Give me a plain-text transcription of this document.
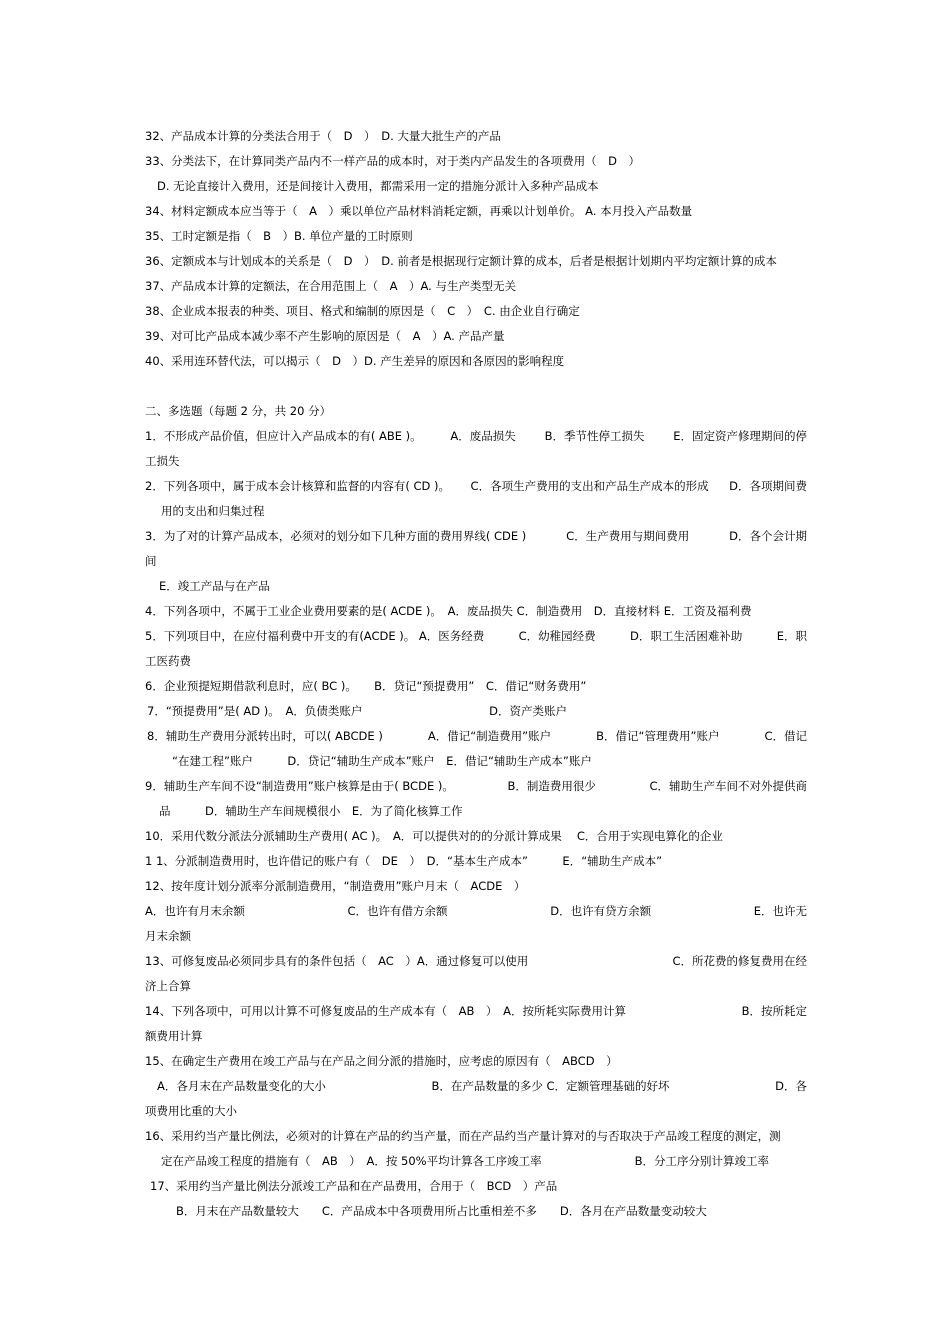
32、产品成本计算的分类法合用于（　D　）　D. 大量大批生产的产品
33、分类法下，在计算同类产品内不一样产品的成本时，对于类内产品发生的各项费用（　D　）
D. 无论直接计入费用，还是间接计入费用，都需采用一定的措施分派计入多种产品成本
34、材料定额成本应当等于（　A　）乘以单位产品材料消耗定额，再乘以计划单价。 A. 本月投入产品数量
35、工时定额是指（　B　）B. 单位产量的工时原则
36、定额成本与计划成本的关系是（　D　）　D. 前者是根据现行定额计算的成本，后者是根据计划期内平均定额计算的成本
37、产品成本计算的定额法，在合用范围上（　A　）A. 与生产类型无关
38、企业成本报表的种类、项目、格式和编制的原因是（　C　）　C. 由企业自行确定
39、对可比产品成本减少率不产生影响的原因是（　A　）A. 产品产量
40、采用连环替代法，可以揭示（　D　）D. 产生差异的原因和各原因的影响程度
二、多选题（每题 2 分，共 20 分）
1．不形成产品价值，但应计入产品成本的有( ABE )。	A．废品损失	B．季节性停工损失	E．固定资产修理期间的停
工损失
2．下列各项中，属于成本会计核算和监督的内容有( CD )。 C．各项生产费用的支出和产品生产成本的形成 D．各项期间费
用的支出和归集过程
3．为了对的计算产品成本，必须对的划分如下几种方面的费用界线( CDE )	C．生产费用与期间费用	D．各个会计期
间
E．竣工产品与在产品
4．下列各项中，不属于工业企业费用要素的是( ACDE )。　A．废品损失 C．制造费用　D．直接材料 E．工资及福利费
5．下列项目中，在应付福利费中开支的有(ACDE )。 A．医务经费	C．幼稚园经费	D．职工生活困难补助	E．职
工医药费
6．企业预提短期借款利息时，应( BC )。　　B．贷记“预提费用”　C．借记“财务费用”
7．“预提费用”是( AD )。　A．负债类账户	D．资产类账户
8．辅助生产费用分派转出时，可以( ABCDE )	A．借记“制造费用”账户	B．借记“管理费用”账户	C．借记
“在建工程”账户　　　D．贷记“辅助生产成本”账户　E．借记“辅助生产成本”账户
9．辅助生产车间不设“制造费用”账户核算是由于( BCDE )。	B．制造费用很少	C．辅助生产车间不对外提供商
品　　　D．辅助生产车间规模很小　E．为了简化核算工作
10．采用代数分派法分派辅助生产费用( AC )。　A．可以提供对的的分派计算成果　 C．合用于实现电算化的企业
1 1、分派制造费用时，也许借记的账户有（　DE　）　D．“基本生产成本”　　　E．“辅助生产成本”
12、按年度计划分派率分派制造费用，“制造费用”账户月末（　ACDE　）
A．也许有月末余额	C．也许有借方余额	D．也许有贷方余额	E．也许无
月末余额
13、可修复废品必须同步具有的条件包括（　AC　）A．通过修复可以使用	C．所花费的修复费用在经
济上合算
14、下列各项中，可用以计算不可修复废品的生产成本有（　AB　）　A．按所耗实际费用计算	B．按所耗定
额费用计算
15、在确定生产费用在竣工产品与在产品之间分派的措施时，应考虑的原因有（　ABCD　）
A．各月末在产品数量变化的大小	B．在产品数量的多少 C．定额管理基础的好坏	D．各
项费用比重的大小
16、采用约当产量比例法，必须对的计算在产品的约当产量，而在产品约当产量计算对的与否取决于产品竣工程度的测定，测
定在产品竣工程度的措施有（　AB　）　A．按 50%平均计算各工序竣工率	B．分工序分别计算竣工率
17、采用约当产量比例法分派竣工产品和在产品费用，合用于（　BCD　）产品
B．月末在产品数量较大　　C．产品成本中各项费用所占比重相差不多　　D．各月在产品数量变动较大
